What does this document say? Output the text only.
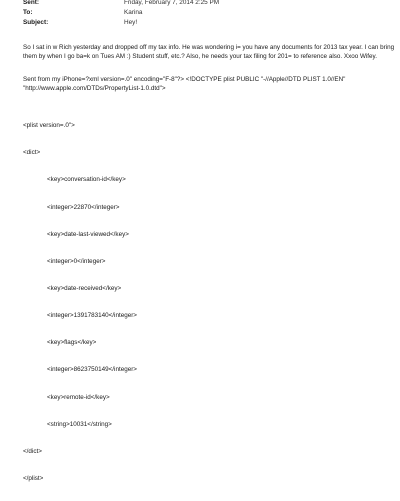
Sent:	Friday, February 7, 2014 2:25 PM
To:	Karina
Subject:	Hey!
So I sat in w Rich yesterday and dropped off my tax info. He was wondering i= you have any documents for 2013 tax year. I can bring them by when I go ba=k on Tues AM :) Student stuff, etc.? Also, he needs your tax filing for 201= to reference also. Xxoo Wifey.
Sent from my iPhone=?xml version=.0" encoding="F-8"?> <!DOCTYPE plist PUBLIC "-//Apple//DTD PLIST 1.0//EN" "http://www.apple.com/DTDs/PropertyList-1.0.dtd">

<plist version=.0">

<dict>

<key>conversation-id</key>

<integer>22870</integer>

<key>date-last-viewed</key>

<integer>0</integer>

<key>date-received</key>

<integer>1391783140</integer>

<key>flags</key>

<integer>8623750149</integer>

<key>remote-id</key>

<string>10031</string>

</dict>

</plist>
